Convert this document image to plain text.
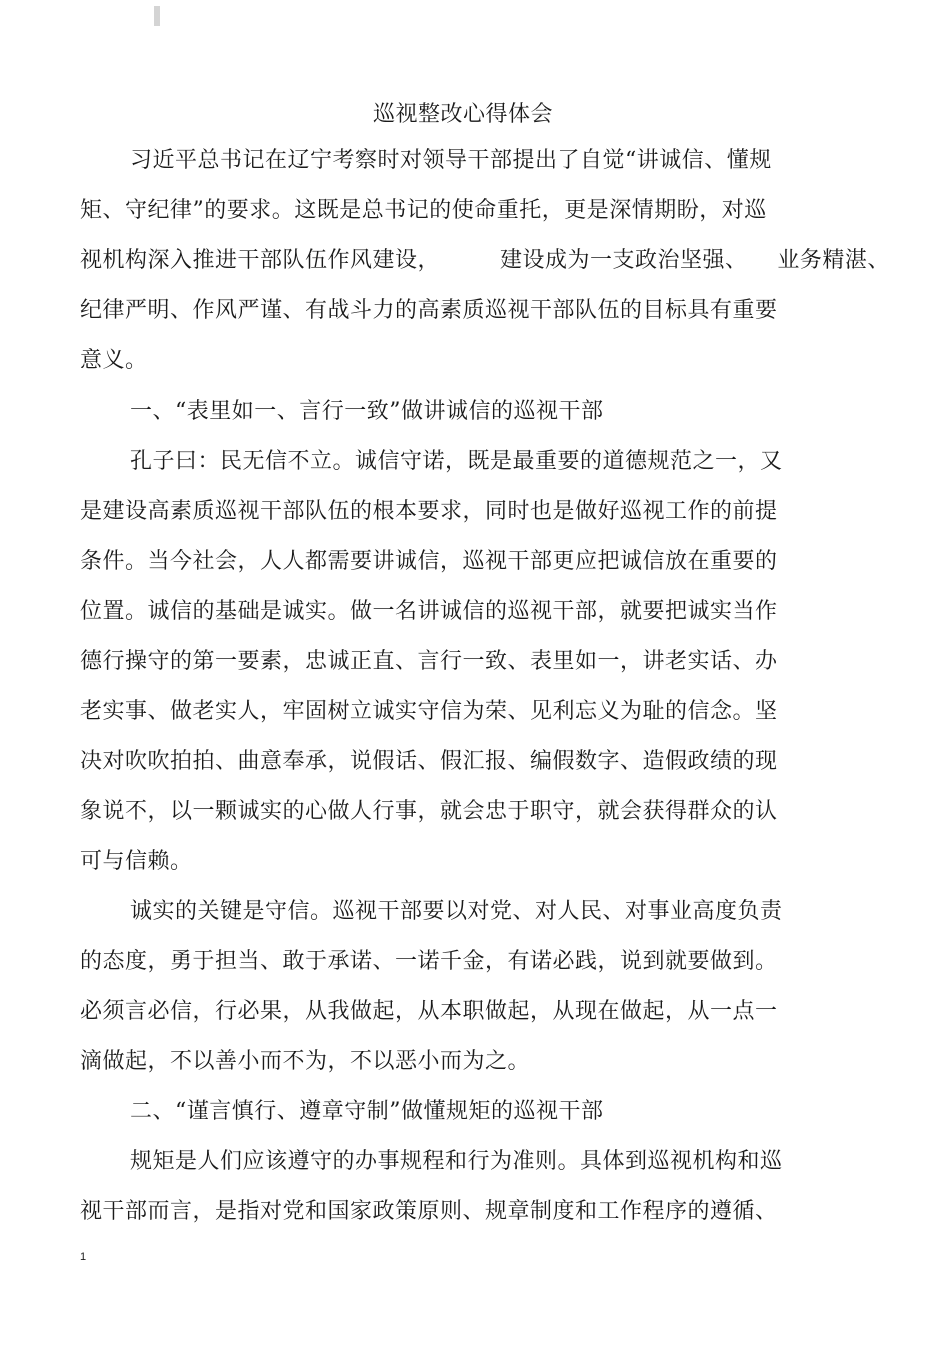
巡视整改心得体会
习近平总书记在辽宁考察时对领导干部提出了自觉“讲诚信、懂规
矩、守纪律”的要求。这既是总书记的使命重托，更是深情期盼，对巡
视机构深入推进干部队伍作风建设，        建设成为一支政治坚强、    业务精湛、
纪律严明、作风严谨、有战斗力的高素质巡视干部队伍的目标具有重要
意义。
一、“表里如一、言行一致”做讲诚信的巡视干部
孔子曰：民无信不立。诚信守诺，既是最重要的道德规范之一，又
是建设高素质巡视干部队伍的根本要求，同时也是做好巡视工作的前提
条件。当今社会，人人都需要讲诚信，巡视干部更应把诚信放在重要的
位置。诚信的基础是诚实。做一名讲诚信的巡视干部，就要把诚实当作
德行操守的第一要素，忠诚正直、言行一致、表里如一，讲老实话、办
老实事、做老实人，牢固树立诚实守信为荣、见利忘义为耻的信念。坚
决对吹吹拍拍、曲意奉承，说假话、假汇报、编假数字、造假政绩的现
象说不，以一颗诚实的心做人行事，就会忠于职守，就会获得群众的认
可与信赖。
诚实的关键是守信。巡视干部要以对党、对人民、对事业高度负责
的态度，勇于担当、敢于承诺、一诺千金，有诺必践，说到就要做到。
必须言必信，行必果，从我做起，从本职做起，从现在做起，从一点一
滴做起，不以善小而不为，不以恶小而为之。
二、“谨言慎行、遵章守制”做懂规矩的巡视干部
规矩是人们应该遵守的办事规程和行为准则。具体到巡视机构和巡
视干部而言，是指对党和国家政策原则、规章制度和工作程序的遵循、
1
